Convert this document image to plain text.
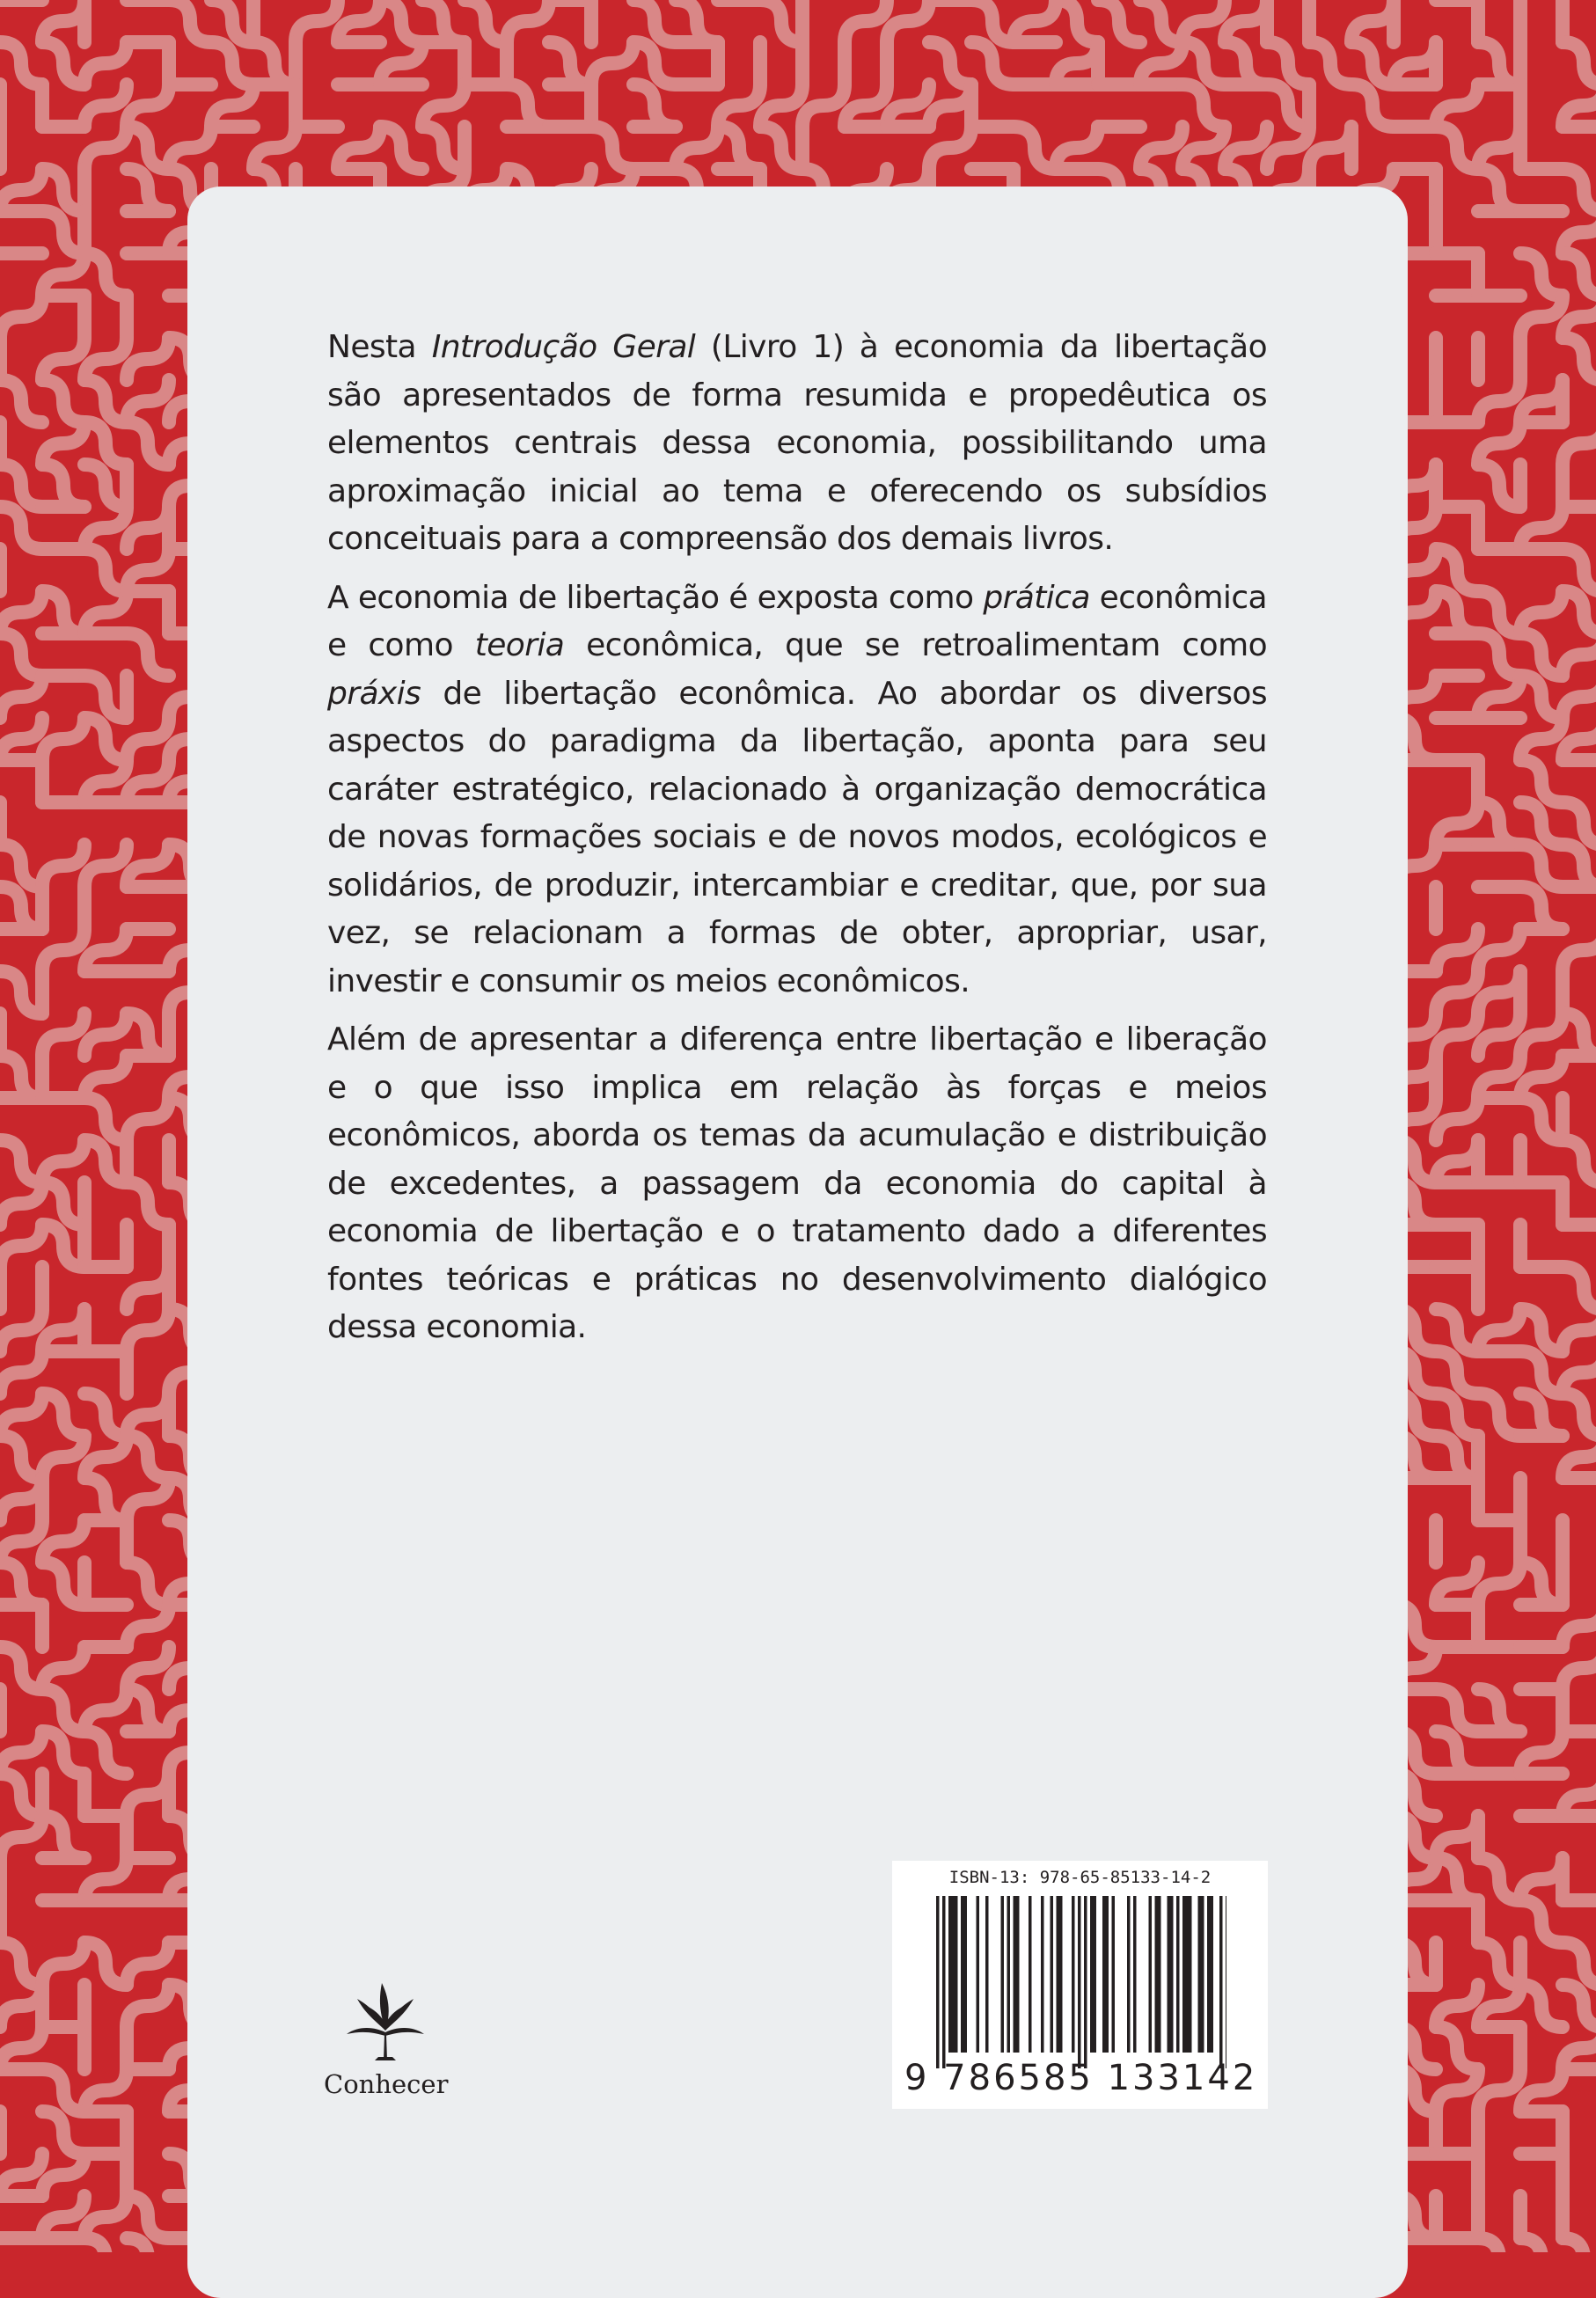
Nesta Introdução Geral (Livro 1) à economia da libertação são apresentados de forma resumida e propedêutica os elementos centrais dessa economia, possibilitando uma aproximação inicial ao tema e oferecendo os subsídios conceituais para a compreensão dos demais livros.

A economia de libertação é exposta como prática econômica e como teoria econômica, que se retroalimentam como práxis de libertação econômica. Ao abordar os diversos aspectos do paradigma da libertação, aponta para seu caráter estratégico, relacionado à organização democrática de novas formações sociais e de novos modos, ecológicos e solidários, de produzir, intercambiar e creditar, que, por sua vez, se relacionam a formas de obter, apropriar, usar, investir e consumir os meios econômicos.

Além de apresentar a diferença entre libertação e liberação e o que isso implica em relação às forças e meios econômicos, aborda os temas da acumulação e distribuição de excedentes, a passagem da economia do capital à economia de libertação e o tratamento dado a diferentes fontes teóricas e práticas no desenvolvimento dialógico dessa economia.

Conhecer
ISBN-13: 978-65-85133-14-2
9 786585 133142
